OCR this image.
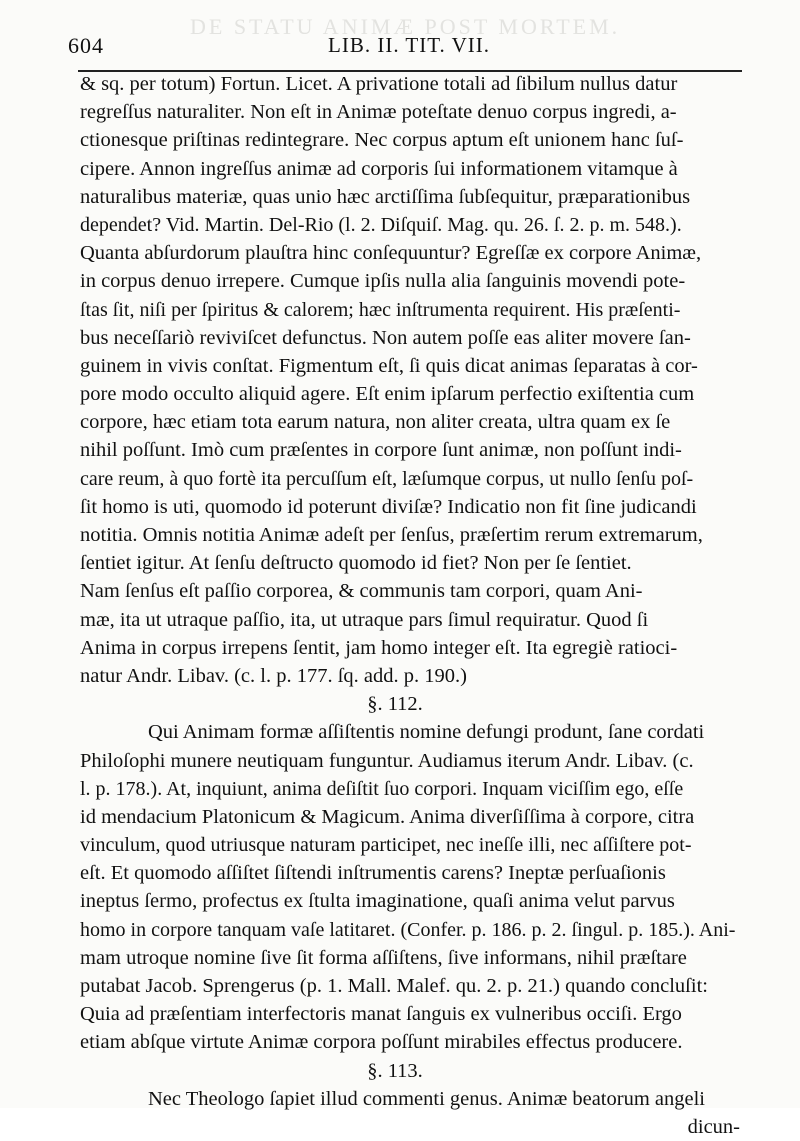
DE STATU ANIMÆ POST MORTEM.
604	LIB. II. TIT. VII.
& sq. per totum) Fortun. Licet. A privatione totali ad ſibilum nullus datur
regreſſus naturaliter. Non eſt in Animæ poteſtate denuo corpus ingredi, a-
ctionesque priſtinas redintegrare. Nec corpus aptum eſt unionem hanc ſuſ-
cipere. Annon ingreſſus animæ ad corporis ſui informationem vitamque à
naturalibus materiæ, quas unio hæc arctiſſima ſubſequitur, præparationibus
dependet? Vid. Martin. Del-Rio (l. 2. Diſquiſ. Mag. qu. 26. ſ. 2. p. m. 548.).
Quanta abſurdorum plauſtra hinc conſequuntur? Egreſſæ ex corpore Animæ,
in corpus denuo irrepere. Cumque ipſis nulla alia ſanguinis movendi pote-
ſtas ſit, niſi per ſpiritus & calorem; hæc inſtrumenta requirent. His præſenti-
bus neceſſariò reviviſcet defunctus. Non autem poſſe eas aliter movere ſan-
guinem in vivis conſtat. Figmentum eſt, ſi quis dicat animas ſeparatas à cor-
pore modo occulto aliquid agere. Eſt enim ipſarum perfectio exiſtentia cum
corpore, hæc etiam tota earum natura, non aliter creata, ultra quam ex ſe
nihil poſſunt. Imò cum præſentes in corpore ſunt animæ, non poſſunt indi-
care reum, à quo fortè ita percuſſum eſt, læſumque corpus, ut nullo ſenſu poſ-
ſit homo is uti, quomodo id poterunt diviſæ? Indicatio non fit ſine judicandi
notitia. Omnis notitia Animæ adeſt per ſenſus, præſertim rerum extremarum,
ſentiet igitur. At ſenſu deſtructo quomodo id fiet? Non per ſe ſentiet.
Nam ſenſus eſt paſſio corporea, & communis tam corpori, quam Ani-
mæ, ita ut utraque paſſio, ita, ut utraque pars ſimul requiratur. Quod ſi
Anima in corpus irrepens ſentit, jam homo integer eſt. Ita egregiè ratioci-
natur Andr. Libav. (c. l. p. 177. ſq. add. p. 190.)
§. 112.
Qui Animam formæ aſſiſtentis nomine defungi produnt, ſane cordati
Philoſophi munere neutiquam funguntur. Audiamus iterum Andr. Libav. (c.
l. p. 178.). At, inquiunt, anima deſiſtit ſuo corpori. Inquam viciſſim ego, eſſe
id mendacium Platonicum & Magicum. Anima diverſiſſima à corpore, citra
vinculum, quod utriusque naturam participet, nec ineſſe illi, nec aſſiſtere pot-
eſt. Et quomodo aſſiſtet ſiſtendi inſtrumentis carens? Ineptæ perſuaſionis
ineptus ſermo, profectus ex ſtulta imaginatione, quaſi anima velut parvus
homo in corpore tanquam vaſe latitaret. (Confer. p. 186. p. 2. ſingul. p. 185.). Ani-
mam utroque nomine ſive ſit forma aſſiſtens, ſive informans, nihil præſtare
putabat Jacob. Sprengerus (p. 1. Mall. Malef. qu. 2. p. 21.) quando concluſit:
Quia ad præſentiam interfectoris manat ſanguis ex vulneribus occiſi. Ergo
etiam abſque virtute Animæ corpora poſſunt mirabiles effectus producere.
§. 113.
Nec Theologo ſapiet illud commenti genus. Animæ beatorum angeli
dicun-
